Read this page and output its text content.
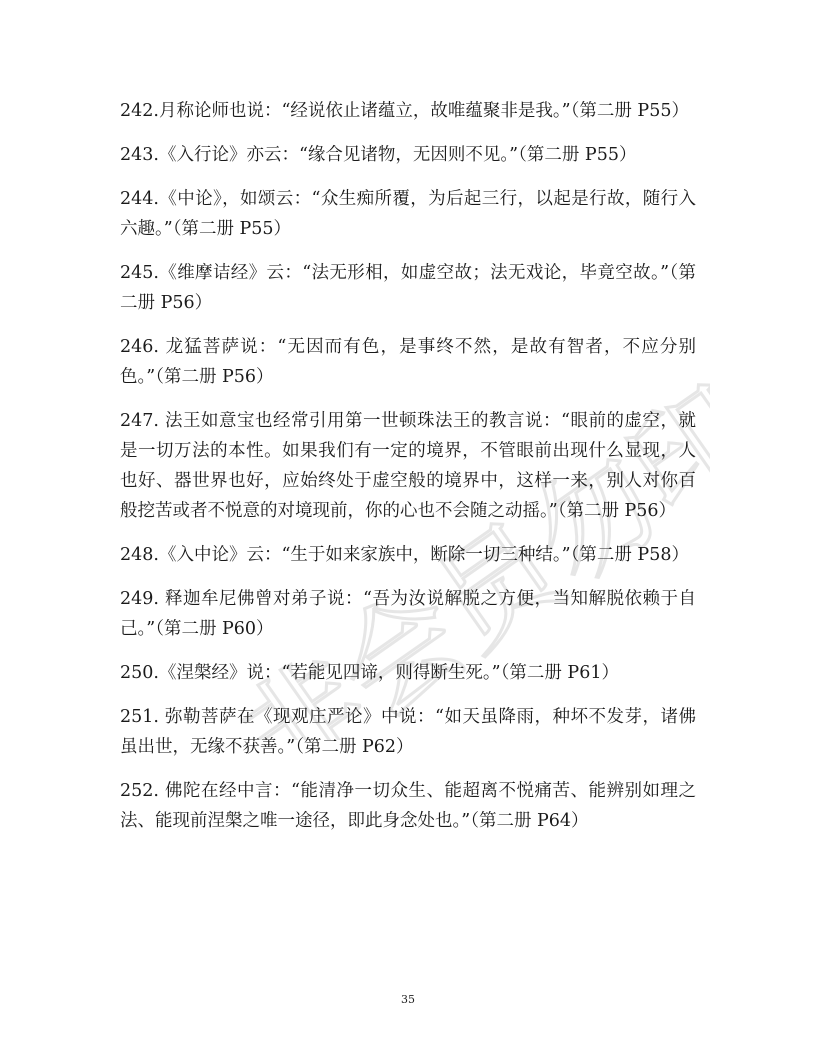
非会员勿印

242.月称论师也说：“经说依止诸蕴立，故唯蕴聚非是我。”（第二册 P55）

243.《入行论》亦云：“缘合见诸物，无因则不见。”（第二册 P55）

244.《中论》，如颂云：“众生痴所覆，为后起三行，以起是行故，随行入六趣。”（第二册 P55）

245.《维摩诘经》云：“法无形相，如虚空故；法无戏论，毕竟空故。”（第二册 P56）

246. 龙猛菩萨说：“无因而有色，是事终不然，是故有智者，不应分别色。”（第二册 P56）

247. 法王如意宝也经常引用第一世顿珠法王的教言说：“眼前的虚空，就是一切万法的本性。如果我们有一定的境界，不管眼前出现什么显现，人也好、器世界也好，应始终处于虚空般的境界中，这样一来，别人对你百般挖苦或者不悦意的对境现前，你的心也不会随之动摇。”（第二册 P56）

248.《入中论》云：“生于如来家族中，断除一切三种结。”（第二册 P58）

249. 释迦牟尼佛曾对弟子说：“吾为汝说解脱之方便，当知解脱依赖于自己。”（第二册 P60）

250.《涅槃经》说：“若能见四谛，则得断生死。”（第二册 P61）

251. 弥勒菩萨在《现观庄严论》中说：“如天虽降雨，种坏不发芽，诸佛虽出世，无缘不获善。”（第二册 P62）

252. 佛陀在经中言：“能清净一切众生、能超离不悦痛苦、能辨别如理之法、能现前涅槃之唯一途径，即此身念处也。”（第二册 P64）

35
